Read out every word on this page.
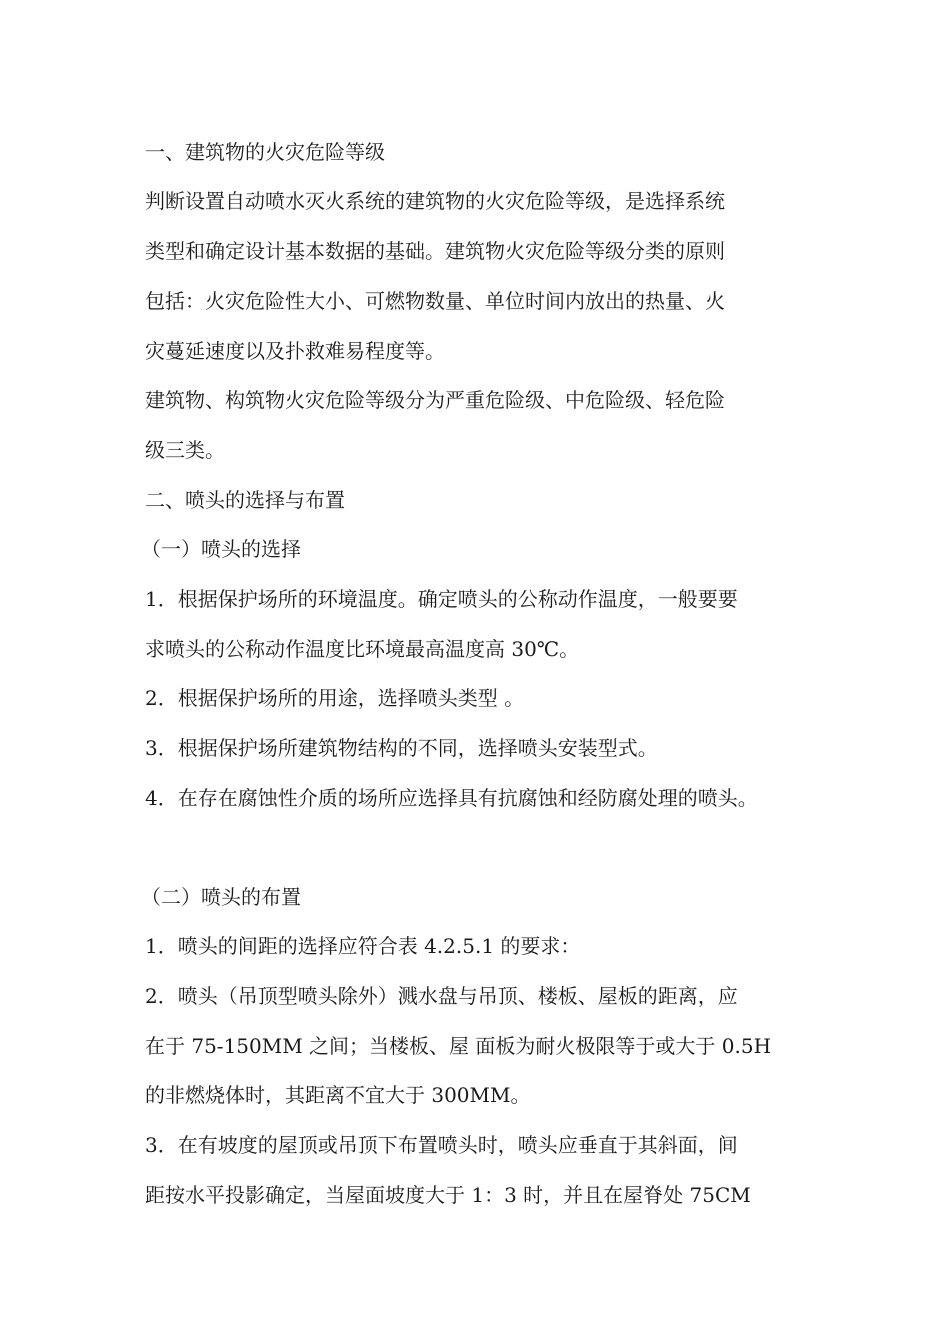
一、建筑物的火灾危险等级
判断设置自动喷水灭火系统的建筑物的火灾危险等级，是选择系统
类型和确定设计基本数据的基础。建筑物火灾危险等级分类的原则
包括：火灾危险性大小、可燃物数量、单位时间内放出的热量、火
灾蔓延速度以及扑救难易程度等。
建筑物、构筑物火灾危险等级分为严重危险级、中危险级、轻危险
级三类。
二、喷头的选择与布置
（一）喷头的选择
1．根据保护场所的环境温度。确定喷头的公称动作温度，一般要要
求喷头的公称动作温度比环境最高温度高 30℃。
2．根据保护场所的用途，选择喷头类型 。
3．根据保护场所建筑物结构的不同，选择喷头安装型式。
4．在存在腐蚀性介质的场所应选择具有抗腐蚀和经防腐处理的喷头。
（二）喷头的布置
1．喷头的间距的选择应符合表 4.2.5.1 的要求：
2．喷头（吊顶型喷头除外）溅水盘与吊顶、楼板、屋板的距离，应
在于 75-150MM 之间；当楼板、屋 面板为耐火极限等于或大于 0.5H
的非燃烧体时，其距离不宜大于 300MM。
3．在有坡度的屋顶或吊顶下布置喷头时，喷头应垂直于其斜面，间
距按水平投影确定，当屋面坡度大于 1：3 时，并且在屋脊处 75CM
